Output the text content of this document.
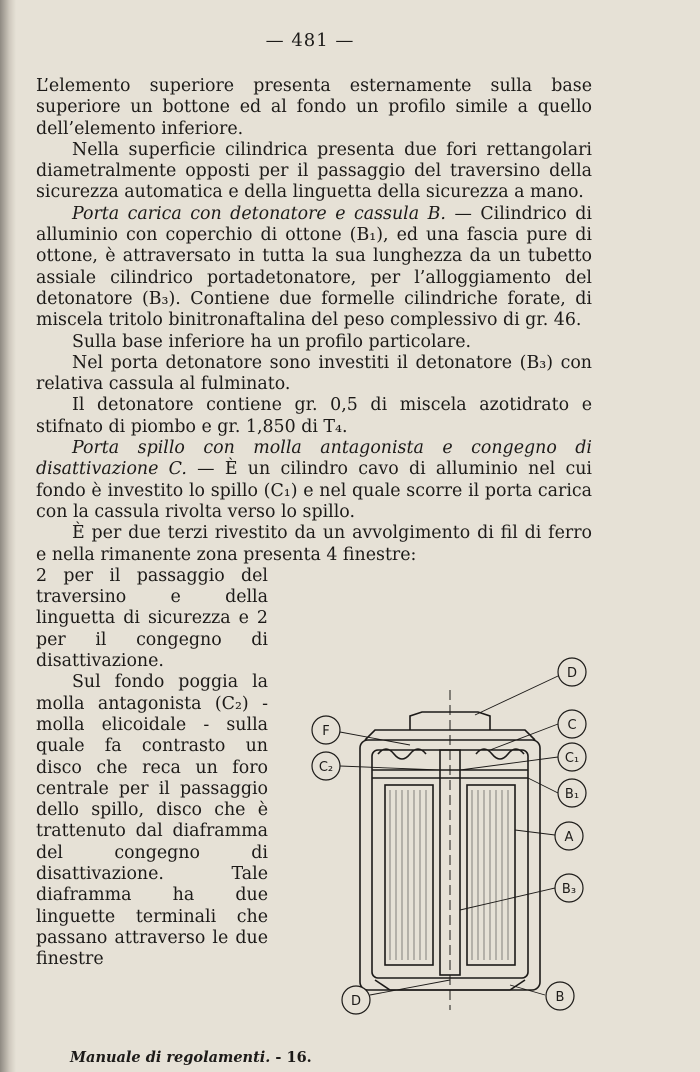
— 481 —

L’elemento superiore presenta esternamente sulla base superiore un bottone ed al fondo un profilo simile a quello dell’elemento inferiore.

Nella superficie cilindrica presenta due fori rettangolari diametralmente opposti per il passaggio del traversino della sicurezza automatica e della linguetta della sicurezza a mano.

Porta carica con detonatore e cassula B. — Cilindrico di alluminio con coperchio di ottone (B₁), ed una fascia pure di ottone, è attraversato in tutta la sua lunghezza da un tubetto assiale cilindrico portadetonatore, per l’alloggiamento del detonatore (B₃). Contiene due formelle cilindriche forate, di miscela tritolo binitronaftalina del peso complessivo di gr. 46.

Sulla base inferiore ha un profilo particolare.

Nel porta detonatore sono investiti il detonatore (B₃) con relativa cassula al fulminato.

Il detonatore contiene gr. 0,5 di miscela azotidrato e stifnato di piombo e gr. 1,850 di T₄.

Porta spillo con molla antagonista e congegno di disattivazione C. — È un cilindro cavo di alluminio nel cui fondo è investito lo spillo (C₁) e nel quale scorre il porta carica con la cassula rivolta verso lo spillo.

È per due terzi rivestito da un avvolgimento di fil di ferro e nella rimanente zona presenta 4 finestre:

2 per il passaggio del traversino e della linguetta di sicurezza e 2 per il congegno di disattivazione.

Sul fondo poggia la molla antagonista (C₂) - molla elicoidale - sulla quale fa contrasto un disco che reca un foro centrale per il passaggio dello spillo, disco che è trattenuto dal diaframma del congegno di disattivazione. Tale diaframma ha due linguette terminali che passano attraverso le due finestre

D
C
C₁
B₁
A
B₃
B
D
F
C₂
Manuale di regolamenti. - 16.
